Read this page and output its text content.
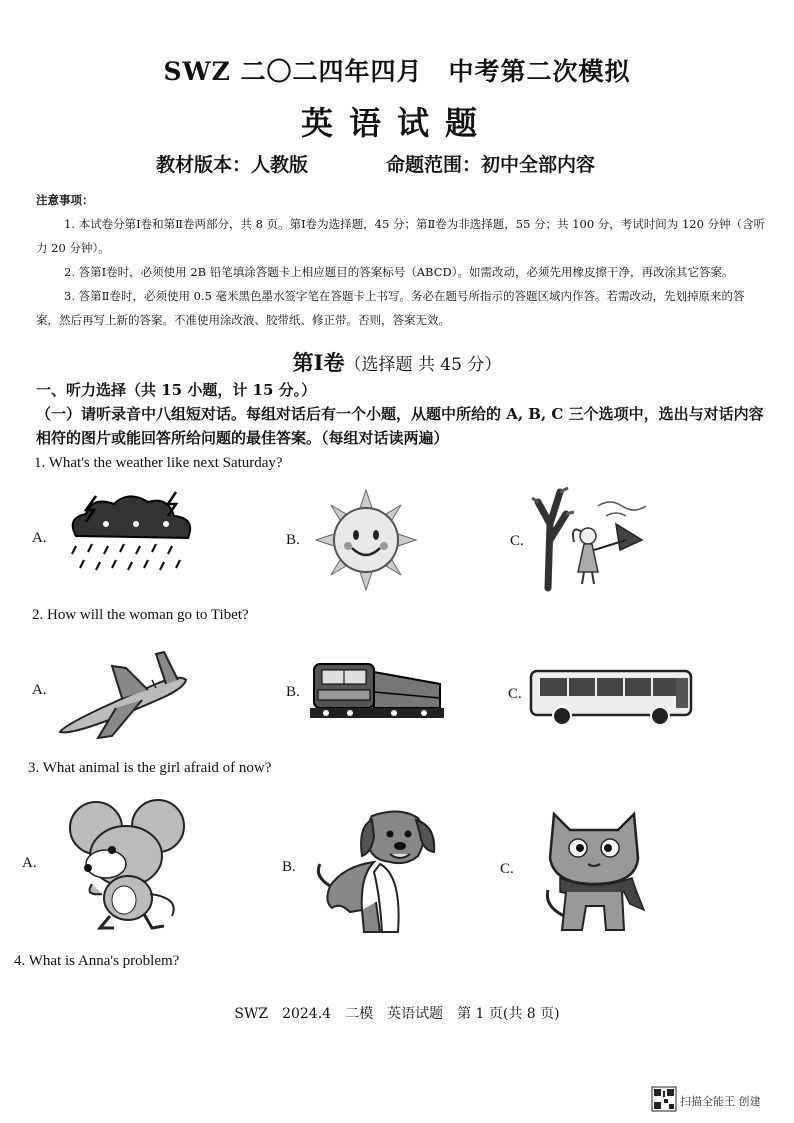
SWZ 二〇二四年四月　中考第二次模拟
英语试题
教材版本：人教版	命题范围：初中全部内容

注意事项：

1. 本试卷分第Ⅰ卷和第Ⅱ卷两部分，共 8 页。第Ⅰ卷为选择题，45 分；第Ⅱ卷为非选择题，55 分；共 100 分，考试时间为 120 分钟（含听力 20 分钟）。

2. 答第Ⅰ卷时，必须使用 2B 铅笔填涂答题卡上相应题目的答案标号（ABCD）。如需改动，必须先用橡皮擦干净，再改涂其它答案。

3. 答第Ⅱ卷时，必须使用 0.5 毫米黑色墨水签字笔在答题卡上书写。务必在题号所指示的答题区域内作答。若需改动，先划掉原来的答案，然后再写上新的答案。不准使用涂改液、胶带纸、修正带。否则，答案无效。

第Ⅰ卷（选择题 共 45 分）
一、听力选择（共 15 小题，计 15 分。）
（一）请听录音中八组短对话。每组对话后有一个小题，从题中所给的 A, B, C 三个选项中，选出与对话内容相符的图片或能回答所给问题的最佳答案。（每组对话读两遍）
1. What's the weather like next Saturday?
A.	B.	C.
2. How will the woman go to Tibet?
A.	B.	C.
3. What animal is the girl afraid of now?
A.	B.	C.
4. What is Anna's problem?
SWZ　2024.4　二模　英语试题　第 1 页(共 8 页)
扫描全能王 创建
